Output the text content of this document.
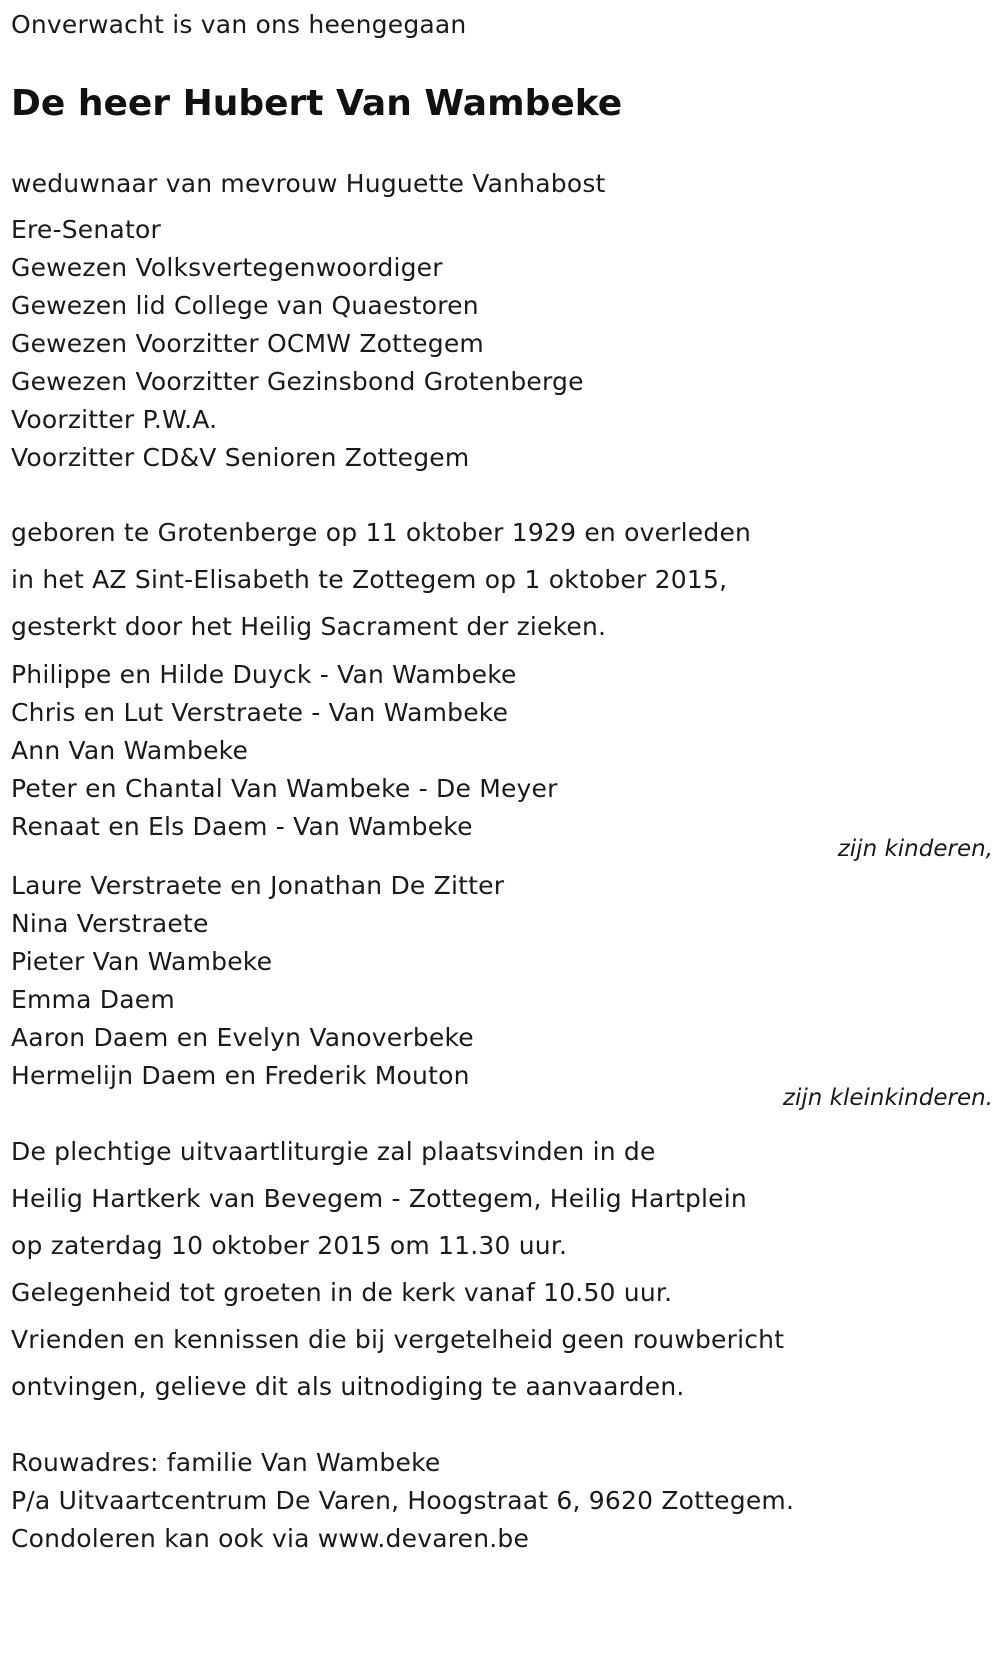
Onverwacht is van ons heengegaan
De heer Hubert Van Wambeke
weduwnaar van mevrouw Huguette Vanhabost
Ere-Senator
Gewezen Volksvertegenwoordiger
Gewezen lid College van Quaestoren
Gewezen Voorzitter OCMW Zottegem
Gewezen Voorzitter Gezinsbond Grotenberge
Voorzitter P.W.A.
Voorzitter CD&V Senioren Zottegem
geboren te Grotenberge op 11 oktober 1929 en overleden
in het AZ Sint-Elisabeth te Zottegem op 1 oktober 2015,
gesterkt door het Heilig Sacrament der zieken.
Philippe en Hilde Duyck - Van Wambeke
Chris en Lut Verstraete - Van Wambeke
Ann Van Wambeke
Peter en Chantal Van Wambeke - De Meyer
Renaat en Els Daem - Van Wambeke
zijn kinderen,
Laure Verstraete en Jonathan De Zitter
Nina Verstraete
Pieter Van Wambeke
Emma Daem
Aaron Daem en Evelyn Vanoverbeke
Hermelijn Daem en Frederik Mouton
zijn kleinkinderen.
De plechtige uitvaartliturgie zal plaatsvinden in de
Heilig Hartkerk van Bevegem - Zottegem, Heilig Hartplein
op zaterdag 10 oktober 2015 om 11.30 uur.
Gelegenheid tot groeten in de kerk vanaf 10.50 uur.
Vrienden en kennissen die bij vergetelheid geen rouwbericht
ontvingen, gelieve dit als uitnodiging te aanvaarden.
Rouwadres: familie Van Wambeke
P/a Uitvaartcentrum De Varen, Hoogstraat 6, 9620 Zottegem.
Condoleren kan ook via www.devaren.be
